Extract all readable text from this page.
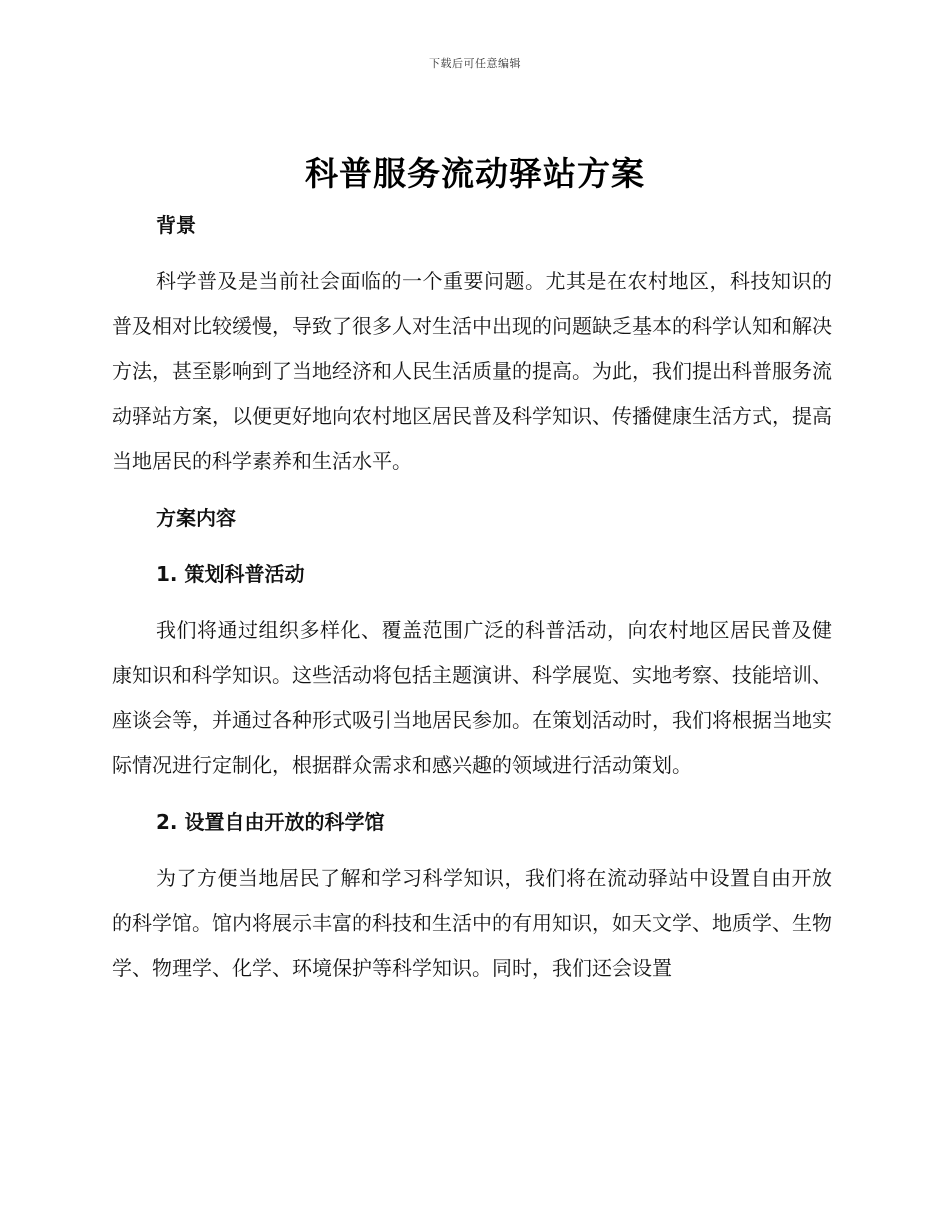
下载后可任意编辑
科普服务流动驿站方案

背景

科学普及是当前社会面临的一个重要问题。尤其是在农村地区，科技知识的普及相对比较缓慢，导致了很多人对生活中出现的问题缺乏基本的科学认知和解决方法，甚至影响到了当地经济和人民生活质量的提高。为此，我们提出科普服务流动驿站方案，以便更好地向农村地区居民普及科学知识、传播健康生活方式，提高当地居民的科学素养和生活水平。

方案内容

1. 策划科普活动

我们将通过组织多样化、覆盖范围广泛的科普活动，向农村地区居民普及健康知识和科学知识。这些活动将包括主题演讲、科学展览、实地考察、技能培训、座谈会等，并通过各种形式吸引当地居民参加。在策划活动时，我们将根据当地实际情况进行定制化，根据群众需求和感兴趣的领域进行活动策划。

2. 设置自由开放的科学馆

为了方便当地居民了解和学习科学知识，我们将在流动驿站中设置自由开放的科学馆。馆内将展示丰富的科技和生活中的有用知识，如天文学、地质学、生物学、物理学、化学、环境保护等科学知识。同时，我们还会设置
